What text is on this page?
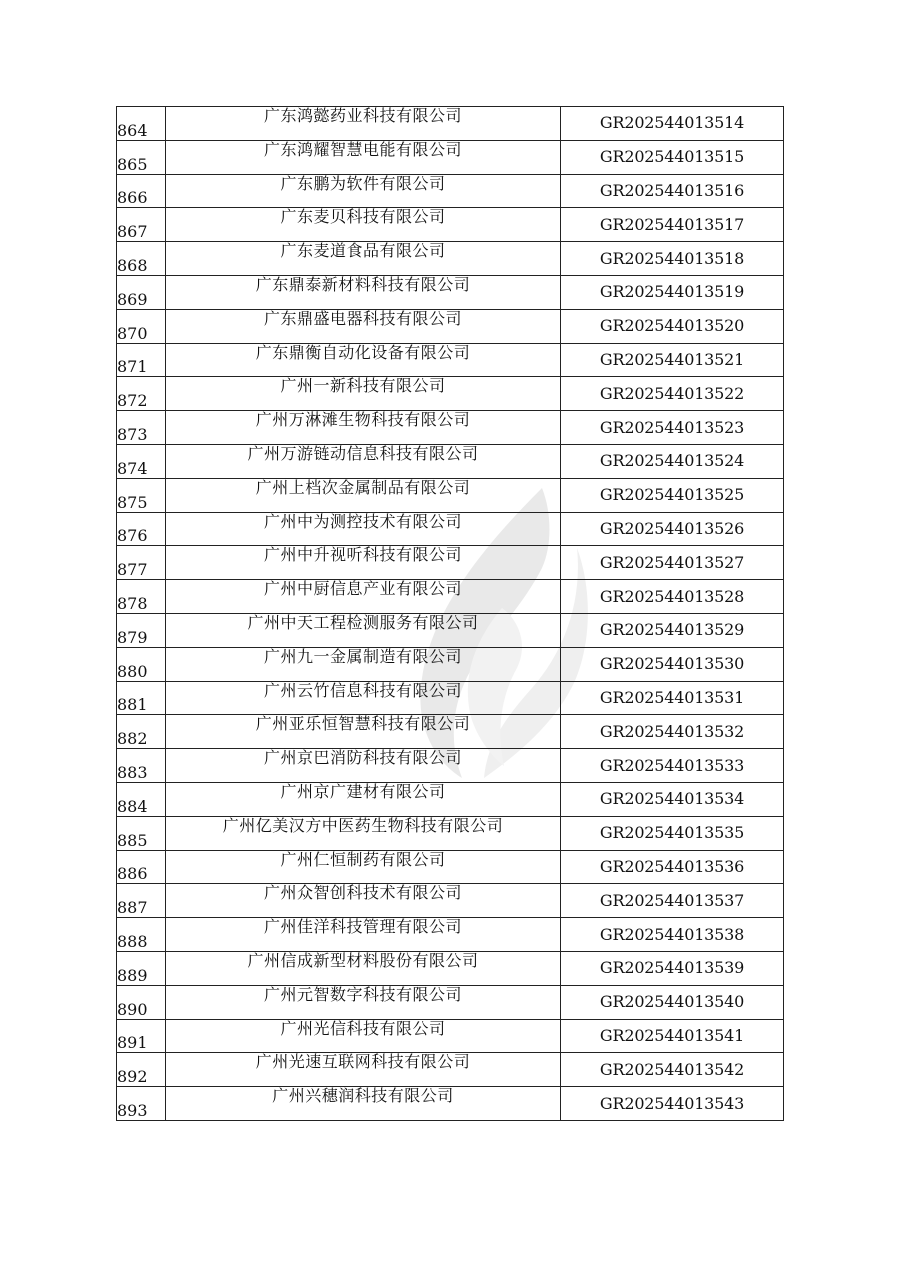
864	广东鸿懿药业科技有限公司	GR202544013514
865	广东鸿耀智慧电能有限公司	GR202544013515
866	广东鹏为软件有限公司	GR202544013516
867	广东麦贝科技有限公司	GR202544013517
868	广东麦道食品有限公司	GR202544013518
869	广东鼎泰新材料科技有限公司	GR202544013519
870	广东鼎盛电器科技有限公司	GR202544013520
871	广东鼎衡自动化设备有限公司	GR202544013521
872	广州一新科技有限公司	GR202544013522
873	广州万淋滩生物科技有限公司	GR202544013523
874	广州万游链动信息科技有限公司	GR202544013524
875	广州上档次金属制品有限公司	GR202544013525
876	广州中为测控技术有限公司	GR202544013526
877	广州中升视听科技有限公司	GR202544013527
878	广州中厨信息产业有限公司	GR202544013528
879	广州中天工程检测服务有限公司	GR202544013529
880	广州九一金属制造有限公司	GR202544013530
881	广州云竹信息科技有限公司	GR202544013531
882	广州亚乐恒智慧科技有限公司	GR202544013532
883	广州京巴消防科技有限公司	GR202544013533
884	广州京广建材有限公司	GR202544013534
885	广州亿美汉方中医药生物科技有限公司	GR202544013535
886	广州仁恒制药有限公司	GR202544013536
887	广州众智创科技术有限公司	GR202544013537
888	广州佳洋科技管理有限公司	GR202544013538
889	广州信成新型材料股份有限公司	GR202544013539
890	广州元智数字科技有限公司	GR202544013540
891	广州光信科技有限公司	GR202544013541
892	广州光速互联网科技有限公司	GR202544013542
893	广州兴穗润科技有限公司	GR202544013543
